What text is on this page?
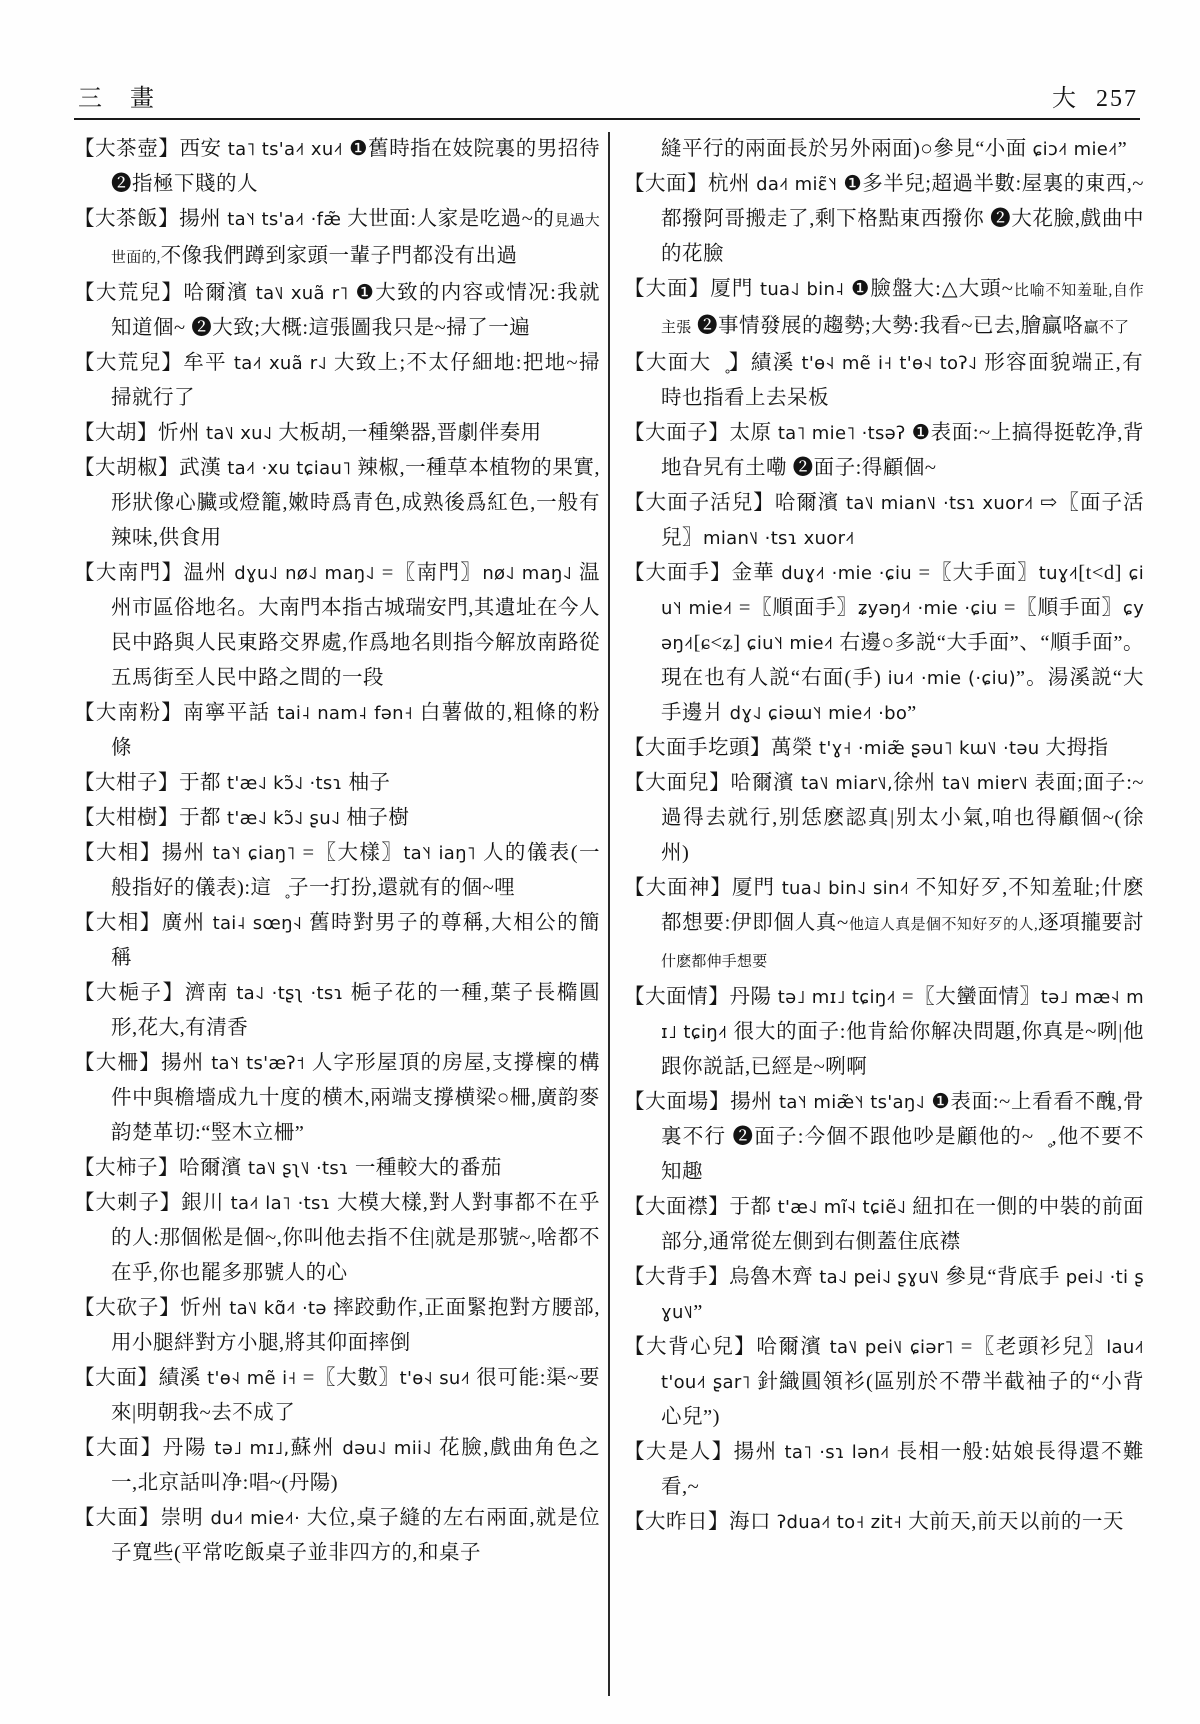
三　畫	大 257
【大茶壺】西安 ta˥ ts'a˨˦ xu˨˦ ❶舊時指在妓院裏的男招待 ❷指極下賤的人
【大茶飯】揚州 ta˥˧ ts'a˨˦ ·fæ̃ 大世面:人家是吃過~的見過大世面的,不像我們蹲到家頭一輩子門都没有出過
【大荒兒】哈爾濱 ta˥˩ xuã r˥ ❶大致的内容或情况:我就知道個~ ❷大致;大概:這張圖我只是~掃了一遍
【大荒兒】牟平 ta˨˦ xuã r˨˩ 大致上;不太仔細地:把地~掃掃就行了
【大胡】忻州 ta˥˩ xu˨˩ 大板胡,一種樂器,晋劇伴奏用
【大胡椒】武漢 ta˨˦ ·xu tɕiau˥ 辣椒,一種草本植物的果實,形狀像心臟或燈籠,嫩時爲青色,成熟後爲紅色,一般有辣味,供食用
【大南門】温州 dɣu˨˩ nø˨˩ maŋ˨˩ =〖南門〗nø˨˩ maŋ˨˩ 温州市區俗地名。大南門本指古城瑞安門,其遺址在今人民中路與人民東路交界處,作爲地名則指今解放南路從五馬街至人民中路之間的一段
【大南粉】南寧平話 tai˨ nam˨ fən˧ 白薯做的,粗條的粉條
【大柑子】于都 t'æ˨˩ kɔ̃˨˩ ·tsɿ 柚子
【大柑樹】于都 t'æ˨˩ kɔ̃˨˩ ʂu˨˩ 柚子樹
【大相】揚州 ta˥˧ ɕiaŋ˥ =〖大樣〗ta˥˧ iaŋ˥ 人的儀表(一般指好的儀表):這杠̥子一打扮,還就有的個~哩
【大相】廣州 tai˨ sœŋ˧˨ 舊時對男子的尊稱,大相公的簡稱
【大梔子】濟南 ta˨˩ ·tʂʅ ·tsɿ 梔子花的一種,葉子長橢圓形,花大,有清香
【大柵】揚州 ta˥˧ ts'æʔ˦ 人字形屋頂的房屋,支撐檁的構件中與檐墻成九十度的横木,兩端支撐横梁○柵,廣韵麥韵楚革切:“竪木立柵”
【大柿子】哈爾濱 ta˥˩ ʂʅ˥˩ ·tsɿ 一種較大的番茄
【大刺子】銀川 ta˨˦ la˥ ·tsɿ 大模大樣,對人對事都不在乎的人:那個倯是個~,你叫他去指不住|就是那號~,啥都不在乎,你也罷多那號人的心
【大砍子】忻州 ta˥˩ kɑ̃˨˦ ·tə 摔跤動作,正面緊抱對方腰部,用小腿絆對方小腿,將其仰面摔倒
【大面】績溪 t'ɵ˧˨ mẽ i˧ =〖大數〗t'ɵ˧˨ su˨˦ 很可能:渠~要來|明朝我~去不成了
【大面】丹陽 tə˩ mɪ˩,蘇州 dəu˨˩ mii˨˩ 花臉,戲曲角色之一,北京話叫净:唱~(丹陽)
【大面】崇明 du˨˦ mie˨˦· 大位,桌子縫的左右兩面,就是位子寬些(平常吃飯桌子並非四方的,和桌子
縫平行的兩面長於另外兩面)○參見“小面 ɕiɔ˨˦ mie˨˦”
【大面】杭州 da˨˦ miɛ̃˥˧ ❶多半兒;超過半數:屋裏的東西,~都撥阿哥搬走了,剩下格點東西撥你 ❷大花臉,戲曲中的花臉
【大面】厦門 tua˨˩ bin˨ ❶臉盤大:△大頭~比喻不知羞耻,自作主張 ❷事情發展的趨勢;大勢:我看~已去,膾贏咯贏不了
【大面大搭̥】績溪 t'ɵ˧˨ mẽ i˧ t'ɵ˧˨ toʔ˨˩ 形容面貌端正,有時也指看上去呆板
【大面子】太原 ta˥ mie˥ ·tsəʔ ❶表面:~上搞得挺乾净,背地旮旯有土嘞 ❷面子:得顧個~
【大面子活兒】哈爾濱 ta˥˩ mian˥˩ ·tsɿ xuor˨˦ ⇨〖面子活兒〗mian˥˩ ·tsɿ xuor˨˦
【大面手】金華 duɣ˨˦ ·mie ·ɕiu =〖大手面〗tuɣ˨˦[t<d] ɕiu˥˧ mie˨˦ =〖順面手〗ʑyəŋ˨˦ ·mie ·ɕiu =〖順手面〗ɕyəŋ˨˦[ɕ<ʑ] ɕiu˥˧ mie˨˦ 右邊○多説“大手面”、“順手面”。現在也有人説“右面(手) iu˨˦ ·mie (·ɕiu)”。湯溪説“大手邊爿 dɣ˨˩ ɕiəɯ˥˧ mie˨˦ ·bo”
【大面手圪頭】萬榮 t'ɣ˧ ·miæ̃ ʂəu˥ kɯ˥˩ ·təu 大拇指
【大面兒】哈爾濱 ta˥˩ miar˥˩,徐州 ta˥˩ miɐr˥˩ 表面;面子:~過得去就行,别恁麽認真|别太小氣,咱也得顧個~(徐州)
【大面神】厦門 tua˨˩ bin˨˩ sin˨˦ 不知好歹,不知羞耻;什麽都想要:伊即個人真~他這人真是個不知好歹的人,逐項攏要討什麽都伸手想要
【大面情】丹陽 tə˩ mɪ˩ tɕiŋ˨˦ =〖大蠻面情〗tə˩ mæ˧˨ mɪ˩ tɕiŋ˨˦ 很大的面子:他肯給你解决問題,你真是~咧|他跟你説話,已經是~咧啊
【大面場】揚州 ta˥˧ miæ̃˥˧ ts'aŋ˨˩ ❶表面:~上看看不醜,骨裏不行 ❷面子:今個不跟他吵是顧他的~呆̥,他不要不知趣
【大面襟】于都 t'æ˨˩ mĩ˧˨ tɕiẽ˨˩ 紐扣在一側的中裝的前面部分,通常從左側到右側蓋住底襟
【大背手】烏魯木齊 ta˨˩ pei˨˩ ʂɣu˥˩ 參見“背底手 pei˨˩ ·ti ʂɣu˥˩”
【大背心兒】哈爾濱 ta˥˩ pei˥˩ ɕiər˥ =〖老頭衫兒〗lau˨˦ t'ou˨˦ ʂar˥ 針織圓領衫(區别於不帶半截袖子的“小背心兒”)
【大是人】揚州 ta˥ ·sɿ lən˨˦ 長相一般:姑娘長得還不難看,~
【大昨日】海口 ʔdua˨˦ to˧ zit˧ 大前天,前天以前的一天
